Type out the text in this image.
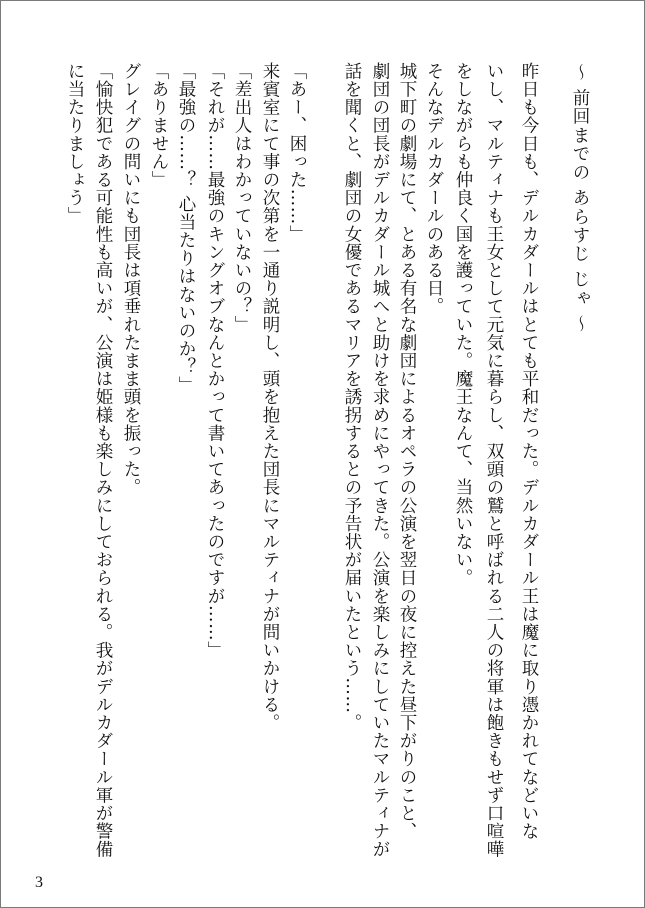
～ 前回までの あらすじ じゃ ～
昨日も今日も、デルカダールはとても平和だった。デルカダール王は魔に取り憑かれてなどいな
いし、マルティナも王女として元気に暮らし、双頭の鷲と呼ばれる二人の将軍は飽きもせず口喧嘩
をしながらも仲良く国を護っていた。魔王なんて、当然いない。
そんなデルカダールのある日。
城下町の劇場にて、とある有名な劇団によるオペラの公演を翌日の夜に控えた昼下がりのこと、
劇団の団長がデルカダール城へと助けを求めにやってきた。公演を楽しみにしていたマルティナが
話を聞くと、劇団の女優であるマリアを誘拐するとの予告状が届いたという……。
「あー、困った……」
来賓室にて事の次第を一通り説明し、頭を抱えた団長にマルティナが問いかける。
「差出人はわかっていないの？」
「それが……最強のキングオブなんとかって書いてあったのですが……」
「最強の……？ 心当たりはないのか？」
「ありません」
グレイグの問いにも団長は項垂れたまま頭を振った。
「愉快犯である可能性も高いが、公演は姫様も楽しみにしておられる。我がデルカダール軍が警備
に当たりましょう」
3
